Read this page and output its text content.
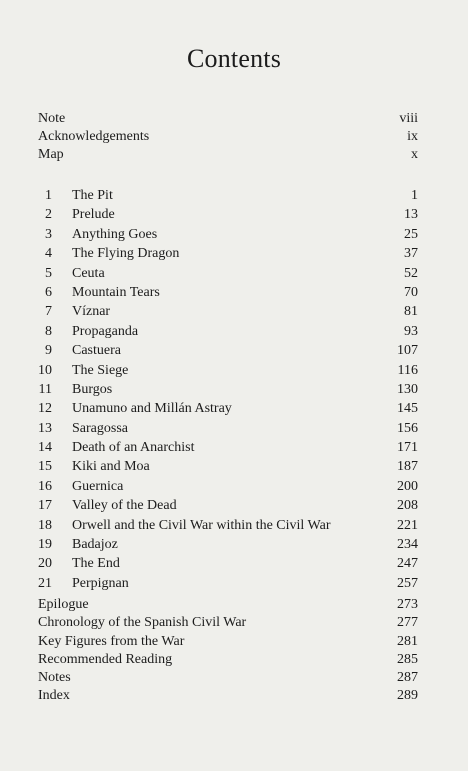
Contents
Note	viii
Acknowledgements	ix
Map	x
1 The Pit	1
2 Prelude	13
3 Anything Goes	25
4 The Flying Dragon	37
5 Ceuta	52
6 Mountain Tears	70
7 Víznar	81
8 Propaganda	93
9 Castuera	107
10 The Siege	116
11 Burgos	130
12 Unamuno and Millán Astray	145
13 Saragossa	156
14 Death of an Anarchist	171
15 Kiki and Moa	187
16 Guernica	200
17 Valley of the Dead	208
18 Orwell and the Civil War within the Civil War	221
19 Badajoz	234
20 The End	247
21 Perpignan	257
Epilogue	273
Chronology of the Spanish Civil War	277
Key Figures from the War	281
Recommended Reading	285
Notes	287
Index	289
